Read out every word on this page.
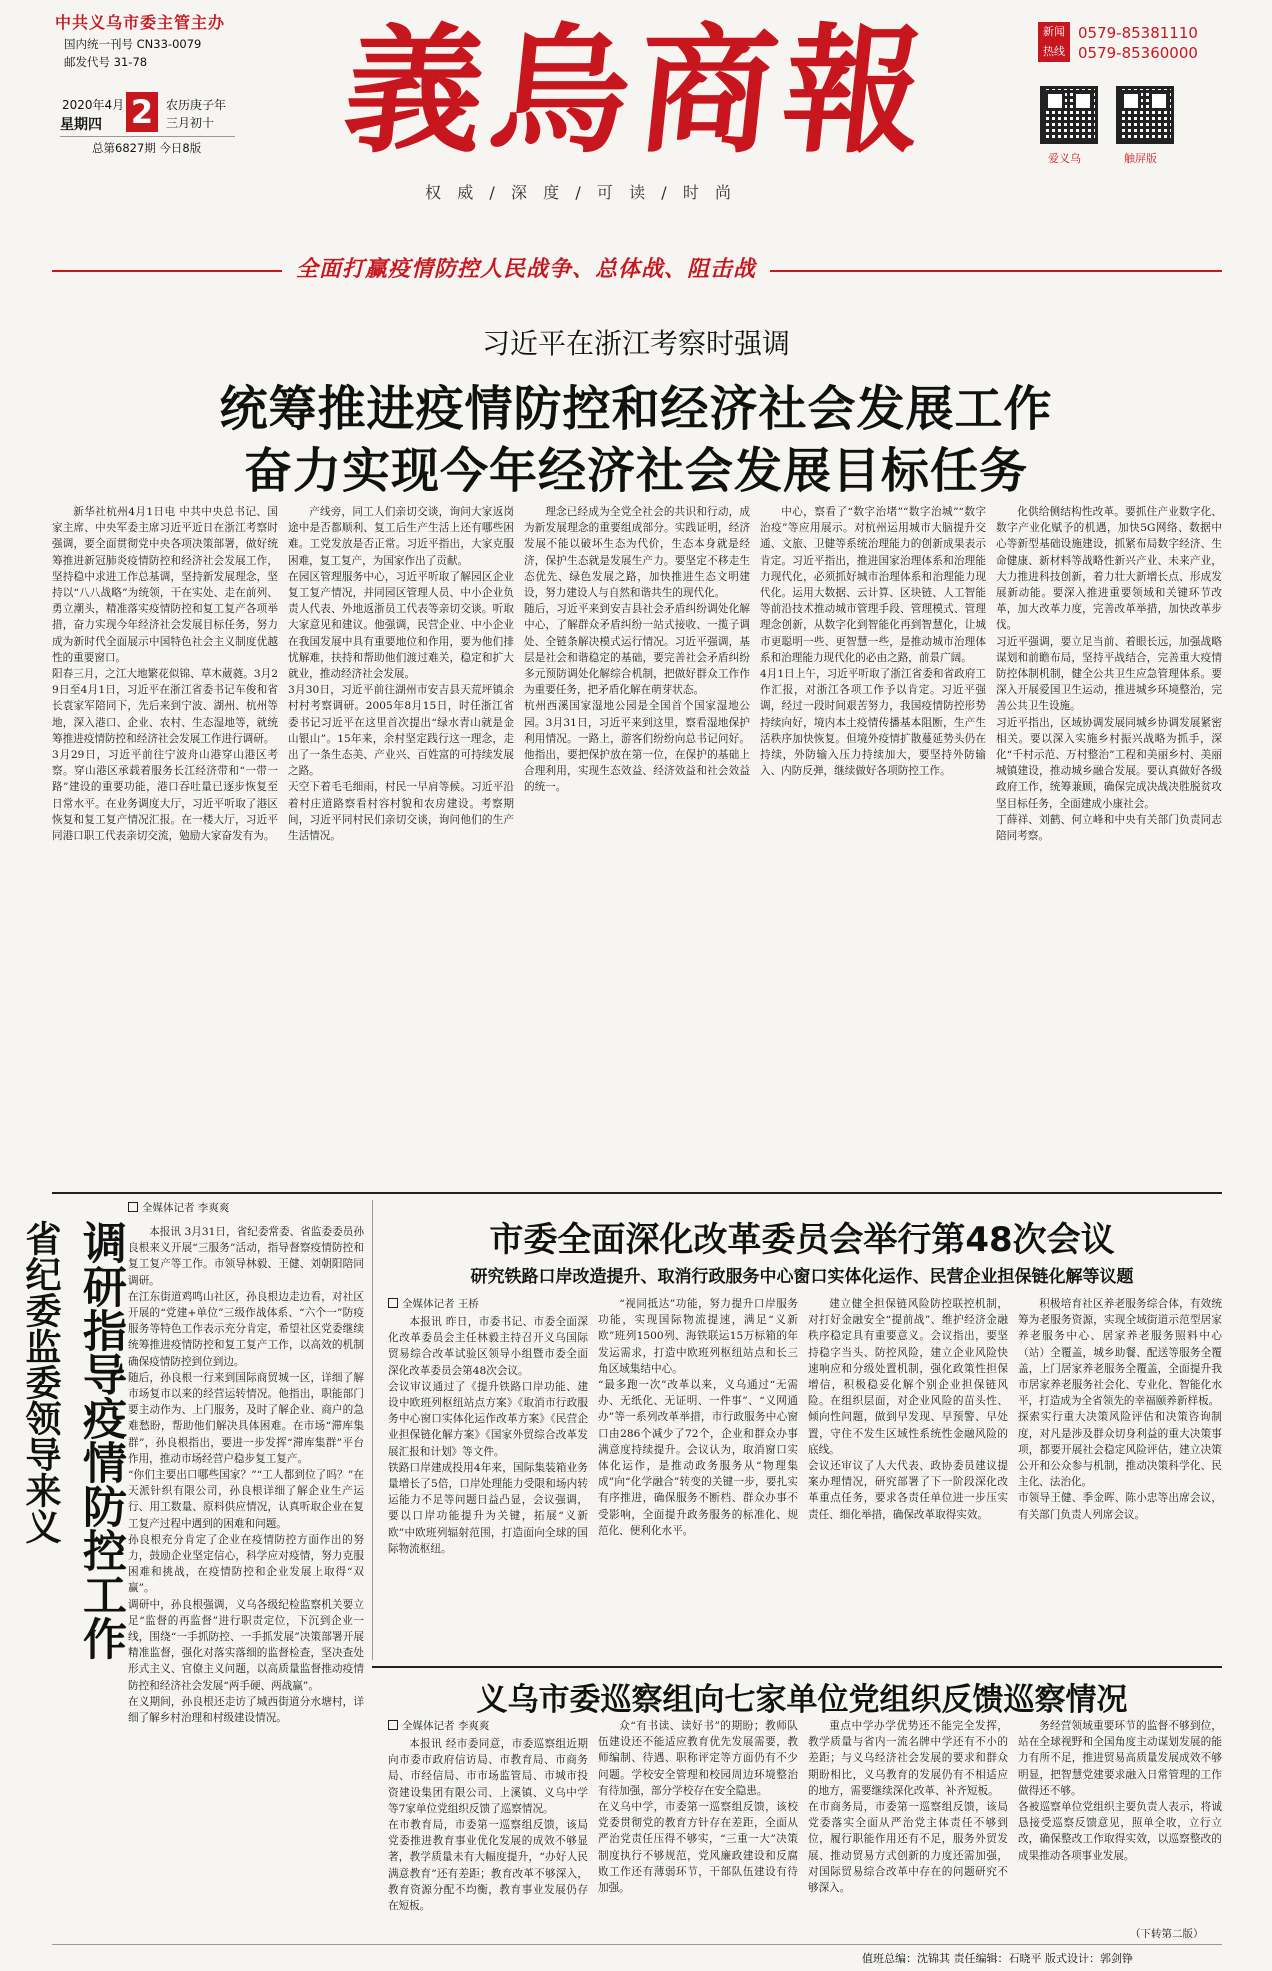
中共义乌市委主管主办
国内统一刊号 CN33-0079
邮发代号 31-78
2020年4月
星期四 2	农历庚子年
三月初十
总第6827期 今日8版 義烏商報
权 威  /  深 度  /  可 读  /  时 尚
新闻
热线
0579-85381110
0579-85360000
爱义乌	触屏版
全面打赢疫情防控人民战争、总体战、阻击战
习近平在浙江考察时强调
统筹推进疫情防控和经济社会发展工作
奋力实现今年经济社会发展目标任务
新华社杭州4月1日电 中共中央总书记、国家主席、中央军委主席习近平近日在浙江考察时强调，要全面贯彻党中央各项决策部署，做好统筹推进新冠肺炎疫情防控和经济社会发展工作，坚持稳中求进工作总基调，坚持新发展理念，坚持以“八八战略”为统领，干在实处、走在前列、勇立潮头，精准落实疫情防控和复工复产各项举措，奋力实现今年经济社会发展目标任务，努力成为新时代全面展示中国特色社会主义制度优越性的重要窗口。
阳春三月，之江大地繁花似锦、草木葳蕤。3月29日至4月1日，习近平在浙江省委书记车俊和省长袁家军陪同下，先后来到宁波、湖州、杭州等地，深入港口、企业、农村、生态湿地等，就统筹推进疫情防控和经济社会发展工作进行调研。
3月29日，习近平前往宁波舟山港穿山港区考察。穿山港区承载着服务长江经济带和“一带一路”建设的重要功能，港口吞吐量已逐步恢复至日常水平。在业务调度大厅，习近平听取了港区恢复和复工复产情况汇报。在一楼大厅，习近平同港口职工代表亲切交流，勉励大家奋发有为。
产线旁，同工人们亲切交谈，询问大家返岗途中是否都顺利、复工后生产生活上还有哪些困难。工党发放是否正常。习近平指出，大家克服困难，复工复产，为国家作出了贡献。
在园区管理服务中心，习近平听取了解园区企业复工复产情况，并同园区管理人员、中小企业负责人代表、外地返浙员工代表等亲切交谈。听取大家意见和建议。他强调，民营企业、中小企业在我国发展中具有重要地位和作用，要为他们排忧解难，扶持和帮助他们渡过难关，稳定和扩大就业，推动经济社会发展。
3月30日，习近平前往湖州市安吉县天荒坪镇余村村考察调研。2005年8月15日，时任浙江省委书记习近平在这里首次提出“绿水青山就是金山银山”。15年来，余村坚定践行这一理念，走出了一条生态美、产业兴、百姓富的可持续发展之路。
天空下着毛毛细雨，村民一早肩等候。习近平沿着村庄道路察看村容村貌和农房建设。考察期间，习近平同村民们亲切交谈，询问他们的生产生活情况。
理念已经成为全党全社会的共识和行动，成为新发展理念的重要组成部分。实践证明，经济发展不能以破坏生态为代价，生态本身就是经济，保护生态就是发展生产力。要坚定不移走生态优先、绿色发展之路，加快推进生态文明建设，努力建设人与自然和谐共生的现代化。
随后，习近平来到安吉县社会矛盾纠纷调处化解中心，了解群众矛盾纠纷一站式接收、一揽子调处、全链条解决模式运行情况。习近平强调，基层是社会和谐稳定的基础，要完善社会矛盾纠纷多元预防调处化解综合机制，把做好群众工作作为重要任务，把矛盾化解在萌芽状态。
杭州西溪国家湿地公园是全国首个国家湿地公园。3月31日，习近平来到这里，察看湿地保护利用情况。一路上，游客们纷纷向总书记问好。他指出，要把保护放在第一位，在保护的基础上合理利用，实现生态效益、经济效益和社会效益的统一。
中心，察看了“数字治堵”“数字治城”“数字治疫”等应用展示。对杭州运用城市大脑提升交通、文旅、卫健等系统治理能力的创新成果表示肯定。习近平指出，推进国家治理体系和治理能力现代化，必须抓好城市治理体系和治理能力现代化。运用大数据、云计算、区块链、人工智能等前沿技术推动城市管理手段、管理模式、管理理念创新，从数字化到智能化再到智慧化，让城市更聪明一些、更智慧一些，是推动城市治理体系和治理能力现代化的必由之路，前景广阔。
4月1日上午，习近平听取了浙江省委和省政府工作汇报，对浙江各项工作予以肯定。习近平强调，经过一段时间艰苦努力，我国疫情防控形势持续向好，境内本土疫情传播基本阻断，生产生活秩序加快恢复。但境外疫情扩散蔓延势头仍在持续，外防输入压力持续加大，要坚持外防输入、内防反弹，继续做好各项防控工作。
化供给侧结构性改革。要抓住产业数字化、数字产业化赋予的机遇，加快5G网络、数据中心等新型基础设施建设，抓紧布局数字经济、生命健康、新材料等战略性新兴产业、未来产业，大力推进科技创新，着力壮大新增长点、形成发展新动能。要深入推进重要领域和关键环节改革，加大改革力度，完善改革举措，加快改革步伐。
习近平强调，要立足当前、着眼长远，加强战略谋划和前瞻布局，坚持平战结合，完善重大疫情防控体制机制，健全公共卫生应急管理体系。要深入开展爱国卫生运动，推进城乡环境整治，完善公共卫生设施。
习近平指出，区域协调发展同城乡协调发展紧密相关。要以深入实施乡村振兴战略为抓手，深化“千村示范、万村整治”工程和美丽乡村、美丽城镇建设，推动城乡融合发展。要认真做好各级政府工作，统筹兼顾，确保完成决战决胜脱贫攻坚目标任务，全面建成小康社会。
丁薛祥、刘鹤、何立峰和中央有关部门负责同志陪同考察。
全媒体记者 李爽爽
调研指导疫情防控工作
省纪委监委领导来义	本报讯 3月31日，省纪委常委、省监委委员孙良根来义开展“三服务”活动，指导督察疫情防控和复工复产等工作。市领导林毅、王健、刘朝阳陪同调研。
在江东街道鸡鸣山社区，孙良根边走边看，对社区开展的“党建+单位”三级作战体系、“六个一”防疫服务等特色工作表示充分肯定，希望社区党委继续统筹推进疫情防控和复工复产工作，以高效的机制确保疫情防控到位到边。
随后，孙良根一行来到国际商贸城一区，详细了解市场复市以来的经营运转情况。他指出，职能部门要主动作为、上门服务，及时了解企业、商户的急难愁盼，帮助他们解决具体困难。在市场“滞库集群”，孙良根指出，要进一步发挥“滞库集群”平台作用，推动市场经营户稳步复工复产。
“你们主要出口哪些国家？”“工人都到位了吗？”在天派针织有限公司，孙良根详细了解企业生产运行、用工数量、原料供应情况，认真听取企业在复工复产过程中遇到的困难和问题。
孙良根充分肯定了企业在疫情防控方面作出的努力，鼓励企业坚定信心，科学应对疫情，努力克服困难和挑战，在疫情防控和企业发展上取得“双赢”。
调研中，孙良根强调，义乌各级纪检监察机关要立足“监督的再监督”进行职责定位，下沉到企业一线，围绕“一手抓防控、一手抓发展”决策部署开展精准监督，强化对落实落细的监督检查，坚决查处形式主义、官僚主义问题，以高质量监督推动疫情防控和经济社会发展“两手硬、两战赢”。
在义期间，孙良根还走访了城西街道分水塘村，详细了解乡村治理和村级建设情况。
市委全面深化改革委员会举行第48次会议
研究铁路口岸改造提升、取消行政服务中心窗口实体化运作、民营企业担保链化解等议题
全媒体记者 王桥
本报讯 昨日，市委书记、市委全面深化改革委员会主任林毅主持召开义乌国际贸易综合改革试验区领导小组暨市委全面深化改革委员会第48次会议。
会议审议通过了《提升铁路口岸功能、建设中欧班列枢纽站点方案》《取消市行政服务中心窗口实体化运作改革方案》《民营企业担保链化解方案》《国家外贸综合改革发展汇报和计划》等文件。
铁路口岸建成投用4年来，国际集装箱业务量增长了5倍，口岸处理能力受限和场内转运能力不足等问题日益凸显，会议强调，要以口岸功能提升为关键，拓展“义新欧”中欧班列辐射范围，打造面向全球的国际物流枢纽。
“视同抵达”功能，努力提升口岸服务功能，实现国际物流提速，满足“义新欧”班列1500列、海铁联运15万标箱的年发运需求，打造中欧班列枢纽站点和长三角区域集结中心。
“最多跑一次”改革以来，义乌通过“无需办、无纸化、无证明、一件事”、“义网通办”等一系列改革举措，市行政服务中心窗口由286个减少了72个，企业和群众办事满意度持续提升。会议认为，取消窗口实体化运作，是推动政务服务从“物理集成”向“化学融合”转变的关键一步，要扎实有序推进，确保服务不断档、群众办事不受影响，全面提升政务服务的标准化、规范化、便利化水平。
建立健全担保链风险防控联控机制，对打好金融安全“提前战”、维护经济金融秩序稳定具有重要意义。会议指出，要坚持稳字当头、防控风险，建立企业风险快速响应和分级处置机制，强化政策性担保增信，积极稳妥化解个别企业担保链风险。在组织层面，对企业风险的苗头性、倾向性问题，做到早发现、早预警、早处置，守住不发生区域性系统性金融风险的底线。
会议还审议了人大代表、政协委员建议提案办理情况，研究部署了下一阶段深化改革重点任务，要求各责任单位进一步压实责任、细化举措，确保改革取得实效。
积极培育社区养老服务综合体，有效统筹为老服务资源，实现全域街道示范型居家养老服务中心、居家养老服务照料中心（站）全覆盖，城乡助餐、配送等服务全覆盖，上门居家养老服务全覆盖，全面提升我市居家养老服务社会化、专业化、智能化水平，打造成为全省领先的幸福颐养新样板。
探索实行重大决策风险评估和决策咨询制度，对凡是涉及群众切身利益的重大决策事项，都要开展社会稳定风险评估，建立决策公开和公众参与机制，推动决策科学化、民主化、法治化。
市领导王健、季金晖、陈小忠等出席会议，有关部门负责人列席会议。
义乌市委巡察组向七家单位党组织反馈巡察情况
全媒体记者 李爽爽
本报讯 经市委同意，市委巡察组近期向市委市政府信访局、市教育局、市商务局、市经信局、市市场监管局、市城市投资建设集团有限公司、上溪镇、义乌中学等7家单位党组织反馈了巡察情况。
在市教育局，市委第一巡察组反馈，该局党委推进教育事业优化发展的成效不够显著，教学质量未有大幅度提升，“办好人民满意教育”还有差距；教育改革不够深入，教育资源分配不均衡，教育事业发展仍存在短板。
众“有书读、读好书”的期盼；教师队伍建设还不能适应教育优先发展需要，教师编制、待遇、职称评定等方面仍有不少问题。学校安全管理和校园周边环境整治有待加强，部分学校存在安全隐患。
在义乌中学，市委第一巡察组反馈，该校党委贯彻党的教育方针存在差距，全面从严治党责任压得不够实，“三重一大”决策制度执行不够规范，党风廉政建设和反腐败工作还有薄弱环节，干部队伍建设有待加强。
重点中学办学优势还不能完全发挥，教学质量与省内一流名牌中学还有不小的差距；与义乌经济社会发展的要求和群众期盼相比，义乌教育的发展仍有不相适应的地方，需要继续深化改革、补齐短板。
在市商务局，市委第一巡察组反馈，该局党委落实全面从严治党主体责任不够到位，履行职能作用还有不足，服务外贸发展、推动贸易方式创新的力度还需加强，对国际贸易综合改革中存在的问题研究不够深入。
务经营领域重要环节的监督不够到位，站在全球视野和全国角度主动谋划发展的能力有所不足，推进贸易高质量发展成效不够明显，把智慧党建要求融入日常管理的工作做得还不够。
各被巡察单位党组织主要负责人表示，将诚恳接受巡察反馈意见，照单全收，立行立改，确保整改工作取得实效，以巡察整改的成果推动各项事业发展。
（下转第二版）
值班总编：沈锦其 责任编辑：石晓平 版式设计：郭剑铮
